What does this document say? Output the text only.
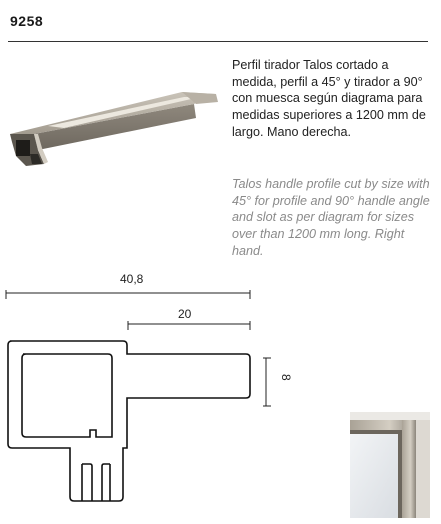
9258
Perfil tirador Talos cortado a medida, perfil a 45° y tirador a 90° con muesca según diagrama para medidas superiores a 1200 mm de largo. Mano derecha.
Talos handle profile cut by size with 45° for profile and 90° handle angle and slot as per diagram for sizes over than 1200 mm long. Right hand.
40,8
20
8
